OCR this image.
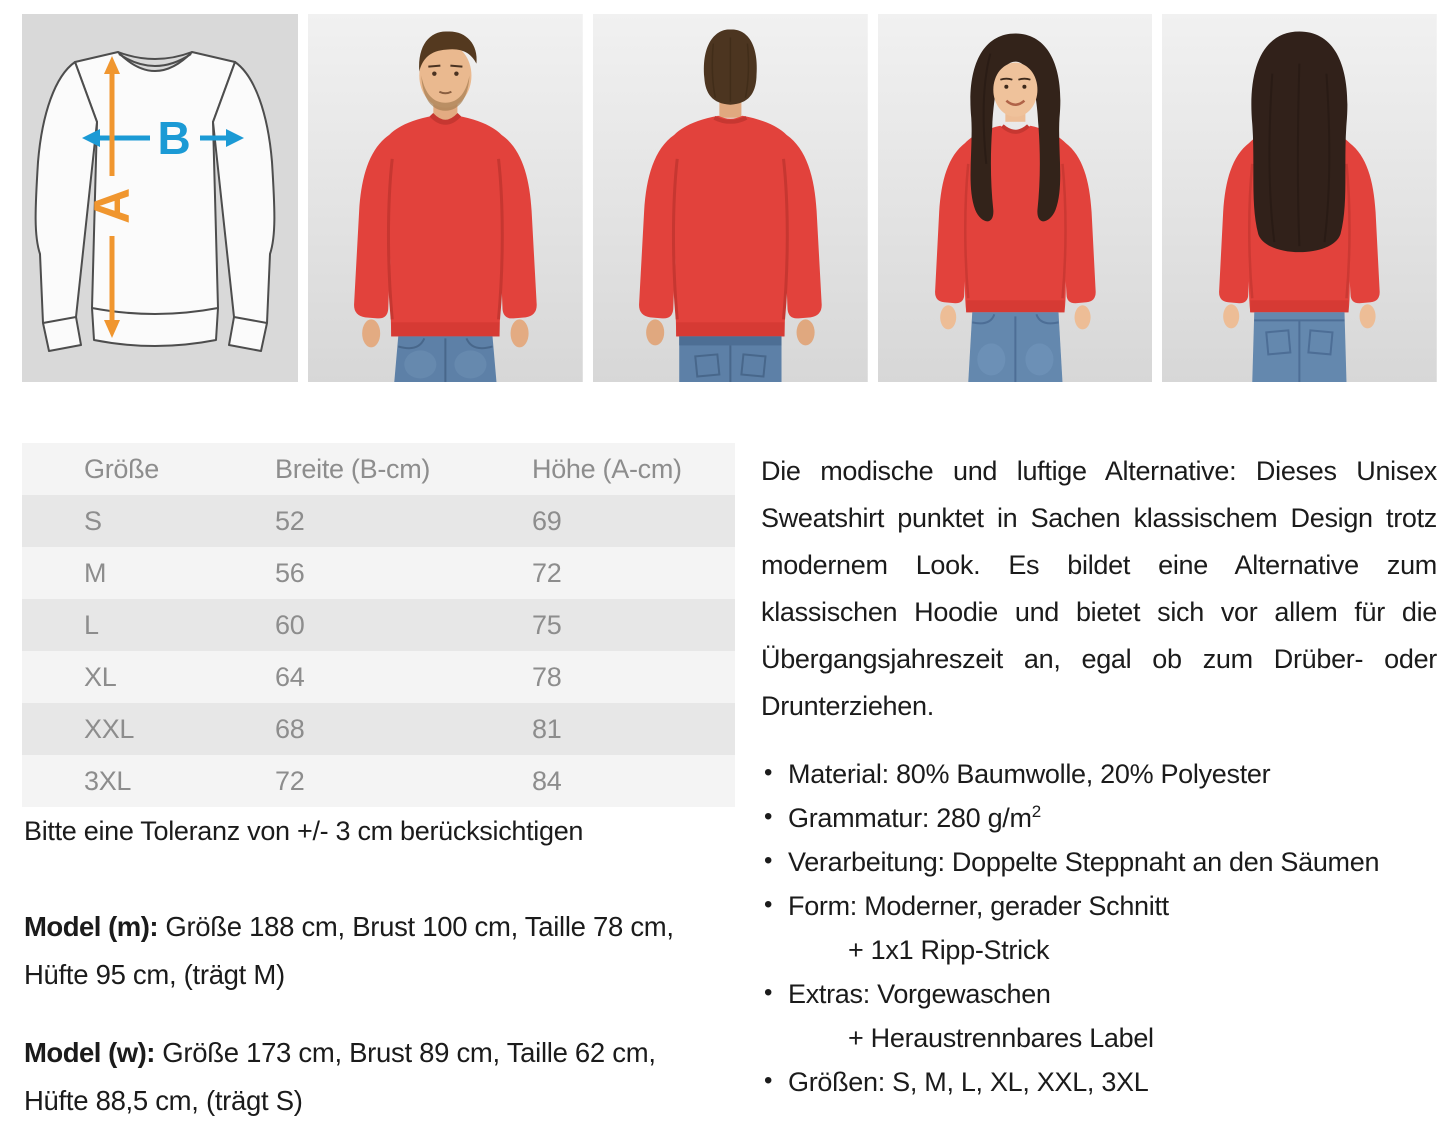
B
A
Größe	Breite (B-cm)	Höhe (A-cm)
S	52	69
M	56	72
L	60	75
XL	64	78
XXL	68	81
3XL	72	84

Bitte eine Toleranz von +/- 3 cm berücksichtigen

Model (m): Größe 188 cm, Brust 100 cm, Taille 78 cm, Hüfte 95 cm, (trägt M)

Model (w): Größe 173 cm, Brust 89 cm, Taille 62 cm, Hüfte 88,5 cm, (trägt S)

Die modische und luftige Alternative: Dieses Unisex Sweatshirt punktet in Sachen klassischem Design trotz modernem Look. Es bildet eine Alternative zum klassischen Hoodie und bietet sich vor allem für die Übergangsjahreszeit an, egal ob zum Drüber- oder Drunterziehen.

• Material: 80% Baumwolle, 20% Polyester
• Grammatur: 280 $g/m^2$
• Verarbeitung: Doppelte Steppnaht an den Säumen
• Form: Moderner, gerader Schnitt
+ 1x1 Ripp-Strick
• Extras: Vorgewaschen
+ Heraustrennbares Label
• Größen: S, M, L, XL, XXL, 3XL
